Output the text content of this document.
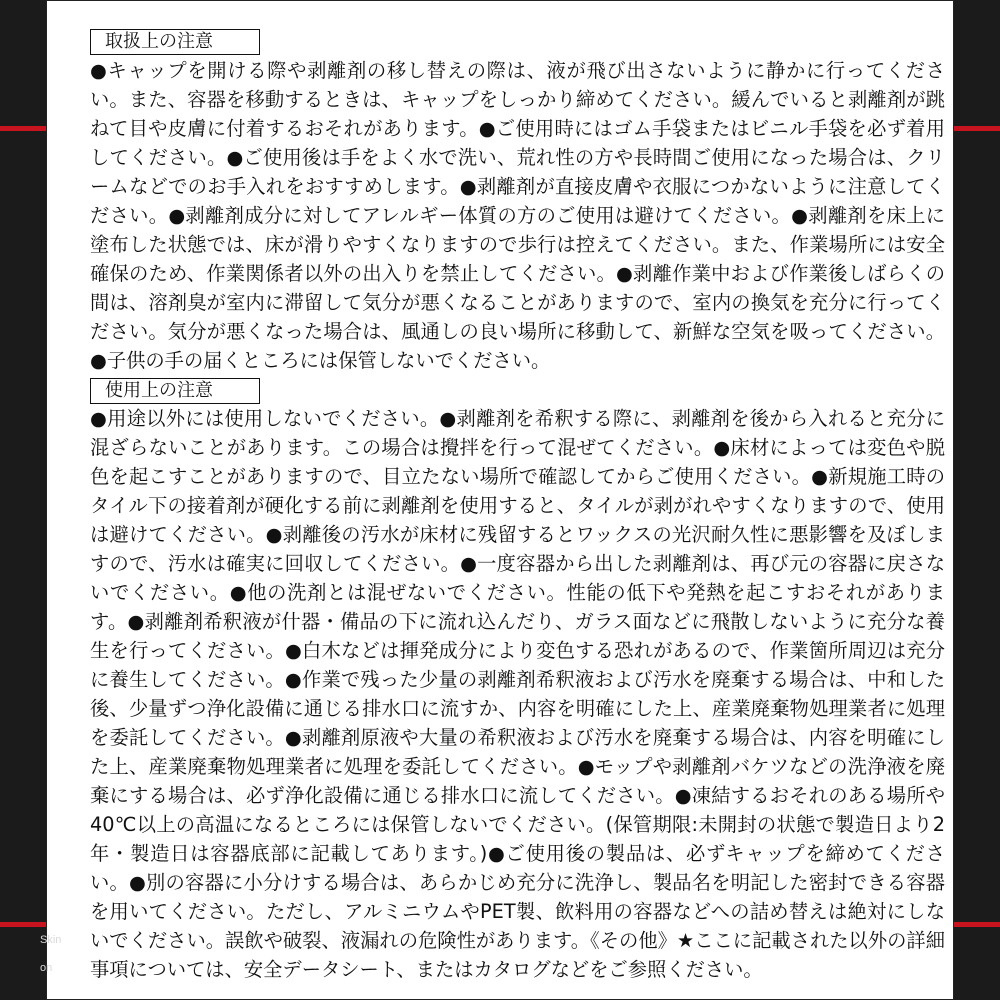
取扱上の注意
●キャップを開ける際や剥離剤の移し替えの際は、液が飛び出さないように静かに行ってください。また、容器を移動するときは、キャップをしっかり締めてください。緩んでいると剥離剤が跳ねて目や皮膚に付着するおそれがあります。●ご使用時にはゴム手袋またはビニル手袋を必ず着用してください。●ご使用後は手をよく水で洗い、荒れ性の方や長時間ご使用になった場合は、クリームなどでのお手入れをおすすめします。●剥離剤が直接皮膚や衣服につかないように注意してください。●剥離剤成分に対してアレルギー体質の方のご使用は避けてください。●剥離剤を床上に塗布した状態では、床が滑りやすくなりますので歩行は控えてください。また、作業場所には安全確保のため、作業関係者以外の出入りを禁止してください。●剥離作業中および作業後しばらくの間は、溶剤臭が室内に滞留して気分が悪くなることがありますので、室内の換気を充分に行ってください。気分が悪くなった場合は、風通しの良い場所に移動して、新鮮な空気を吸ってください。●子供の手の届くところには保管しないでください。
使用上の注意
●用途以外には使用しないでください。●剥離剤を希釈する際に、剥離剤を後から入れると充分に混ざらないことがあります。この場合は攪拌を行って混ぜてください。●床材によっては変色や脱色を起こすことがありますので、目立たない場所で確認してからご使用ください。●新規施工時のタイル下の接着剤が硬化する前に剥離剤を使用すると、タイルが剥がれやすくなりますので、使用は避けてください。●剥離後の汚水が床材に残留するとワックスの光沢耐久性に悪影響を及ぼしますので、汚水は確実に回収してください。●一度容器から出した剥離剤は、再び元の容器に戻さないでください。●他の洗剤とは混ぜないでください。性能の低下や発熱を起こすおそれがあります。●剥離剤希釈液が什器・備品の下に流れ込んだり、ガラス面などに飛散しないように充分な養生を行ってください。●白木などは揮発成分により変色する恐れがあるので、作業箇所周辺は充分に養生してください。●作業で残った少量の剥離剤希釈液および汚水を廃棄する場合は、中和した後、少量ずつ浄化設備に通じる排水口に流すか、内容を明確にした上、産業廃棄物処理業者に処理を委託してください。●剥離剤原液や大量の希釈液および汚水を廃棄する場合は、内容を明確にした上、産業廃棄物処理業者に処理を委託してください。●モップや剥離剤バケツなどの洗浄液を廃棄にする場合は、必ず浄化設備に通じる排水口に流してください。●凍結するおそれのある場所や40℃以上の高温になるところには保管しないでください。(保管期限:未開封の状態で製造日より2年・製造日は容器底部に記載してあります。)●ご使用後の製品は、必ずキャップを締めてください。●別の容器に小分けする場合は、あらかじめ充分に洗浄し、製品名を明記した密封できる容器を用いてください。ただし、アルミニウムやPET製、飲料用の容器などへの詰め替えは絶対にしないでください。誤飲や破裂、液漏れの危険性があります。《その他》★ここに記載された以外の詳細事項については、安全データシート、またはカタログなどをご参照ください。
Skin
on
